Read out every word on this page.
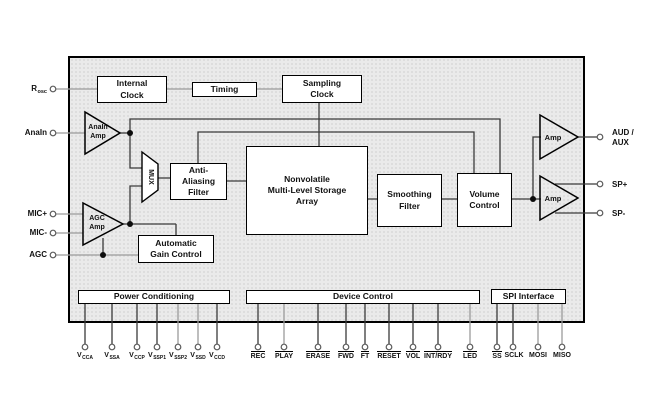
Internal
Clock
Timing
Sampling
Clock
Anti-
Aliasing
Filter
Nonvolatile
Multi-Level Storage
Array
Smoothing
Filter
Volume
Control
Automatic
Gain Control
Power Conditioning	Device Control	SPI Interface
AnaIn
Amp
AGC
Amp
Amp
Amp
MUX
$R_{osc}$
AnaIn
MIC+
MIC-
AGC
AUD /
AUX
SP+
SP-
$V_{CCA}$	$V_{SSA}$	$V_{CCP}$ $V_{SSP1}$ $V_{SSP2}$ $V_{SSD}$ $V_{CCD}$	REC	PLAY	ERASE	FWD FT	RESET VOL INT/RDY	LED	SS SCLK MOSI MISO
